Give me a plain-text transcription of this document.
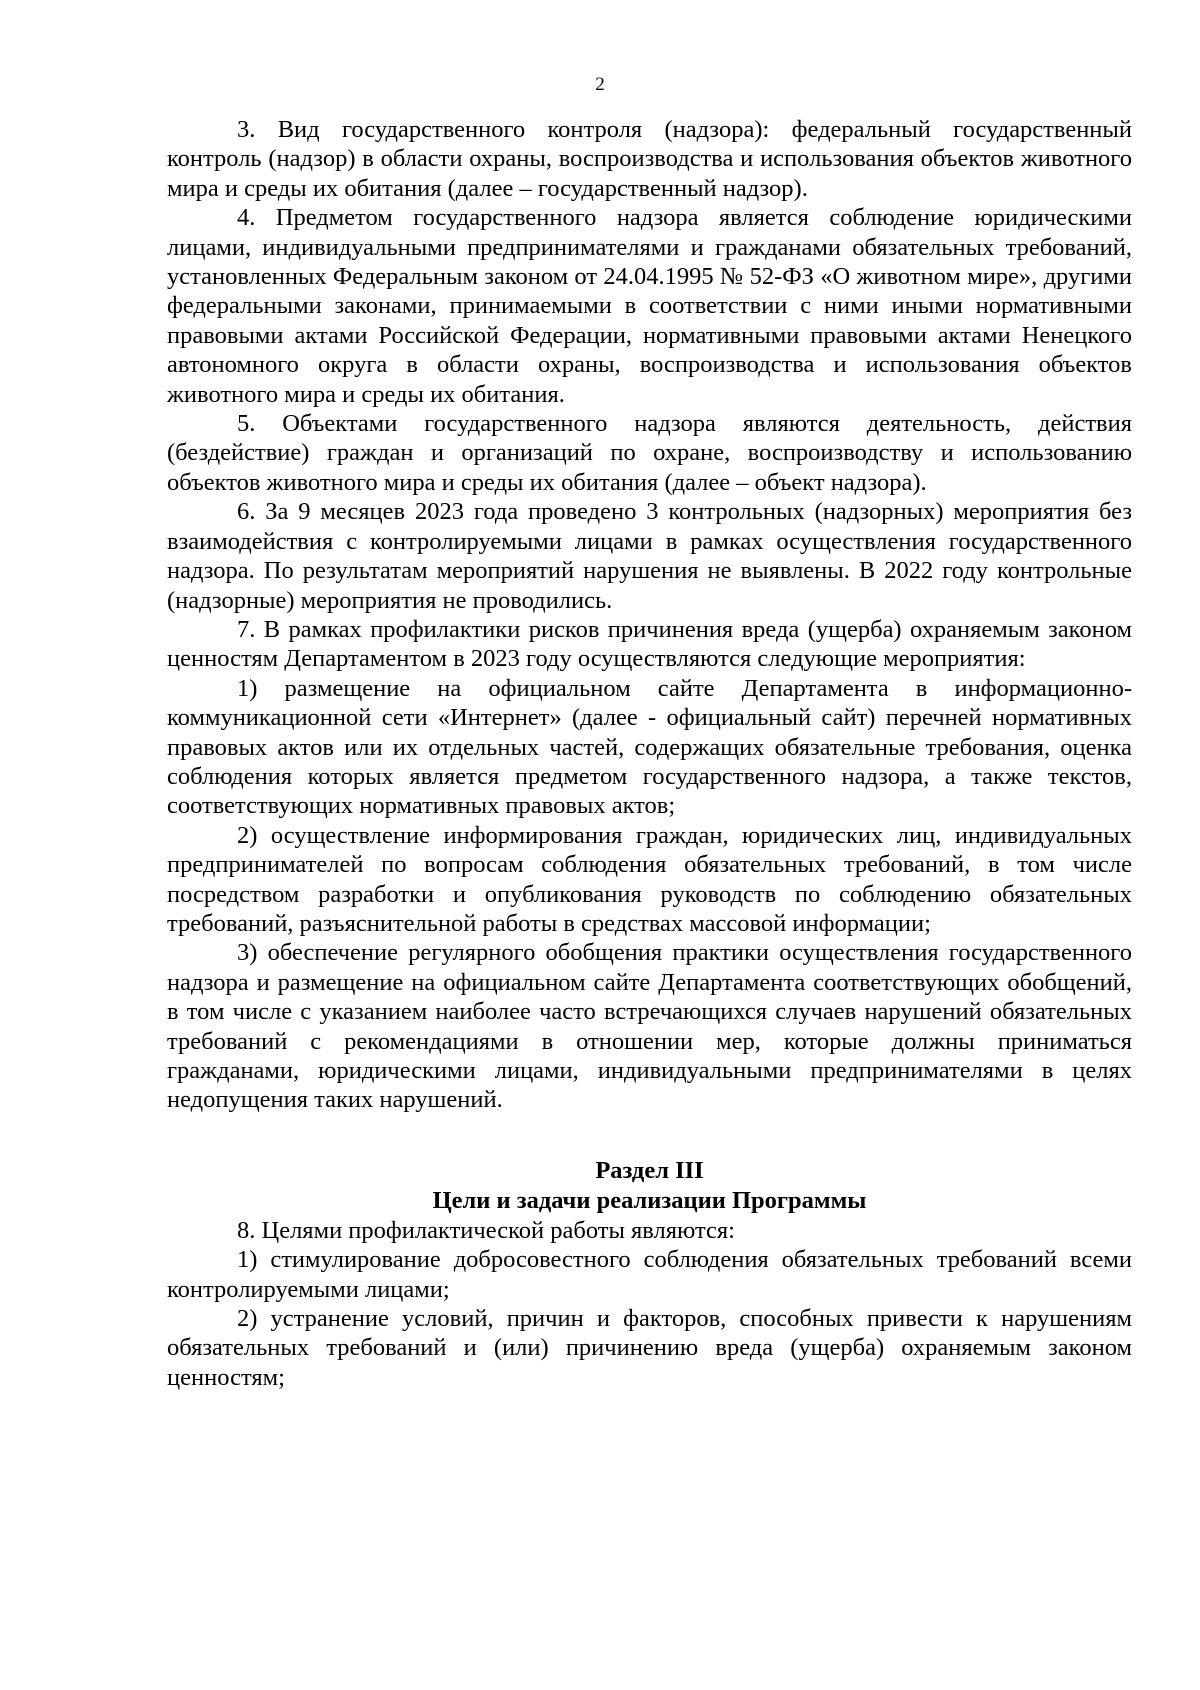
2

3. Вид государственного контроля (надзора): федеральный государственный контроль (надзор) в области охраны, воспроизводства и использования объектов животного мира и среды их обитания (далее – государственный надзор).

4. Предметом государственного надзора является соблюдение юридическими лицами, индивидуальными предпринимателями и гражданами обязательных требований, установленных Федеральным законом от 24.04.1995 № 52-ФЗ «О животном мире», другими федеральными законами, принимаемыми в соответствии с ними иными нормативными правовыми актами Российской Федерации, нормативными правовыми актами Ненецкого автономного округа в области охраны, воспроизводства и использования объектов животного мира и среды их обитания.

5. Объектами государственного надзора являются деятельность, действия (бездействие) граждан и организаций по охране, воспроизводству и использованию объектов животного мира и среды их обитания (далее – объект надзора).

6. За 9 месяцев 2023 года проведено 3 контрольных (надзорных) мероприятия без взаимодействия с контролируемыми лицами в рамках осуществления государственного надзора. По результатам мероприятий нарушения не выявлены. В 2022 году контрольные (надзорные) мероприятия не проводились.

7. В рамках профилактики рисков причинения вреда (ущерба) охраняемым законом ценностям Департаментом в 2023 году осуществляются следующие мероприятия:

1) размещение на официальном сайте Департамента в информационно-коммуникационной сети «Интернет» (далее - официальный сайт) перечней нормативных правовых актов или их отдельных частей, содержащих обязательные требования, оценка соблюдения которых является предметом государственного надзора, а также текстов, соответствующих нормативных правовых актов;

2) осуществление информирования граждан, юридических лиц, индивидуальных предпринимателей по вопросам соблюдения обязательных требований, в том числе посредством разработки и опубликования руководств по соблюдению обязательных требований, разъяснительной работы в средствах массовой информации;

3) обеспечение регулярного обобщения практики осуществления государственного надзора и размещение на официальном сайте Департамента соответствующих обобщений, в том числе с указанием наиболее часто встречающихся случаев нарушений обязательных требований с рекомендациями в отношении мер, которые должны приниматься гражданами, юридическими лицами, индивидуальными предпринимателями в целях недопущения таких нарушений.

Раздел III
Цели и задачи реализации Программы

8. Целями профилактической работы являются:

1) стимулирование добросовестного соблюдения обязательных требований всеми контролируемыми лицами;

2) устранение условий, причин и факторов, способных привести к нарушениям обязательных требований и (или) причинению вреда (ущерба) охраняемым законом ценностям;
